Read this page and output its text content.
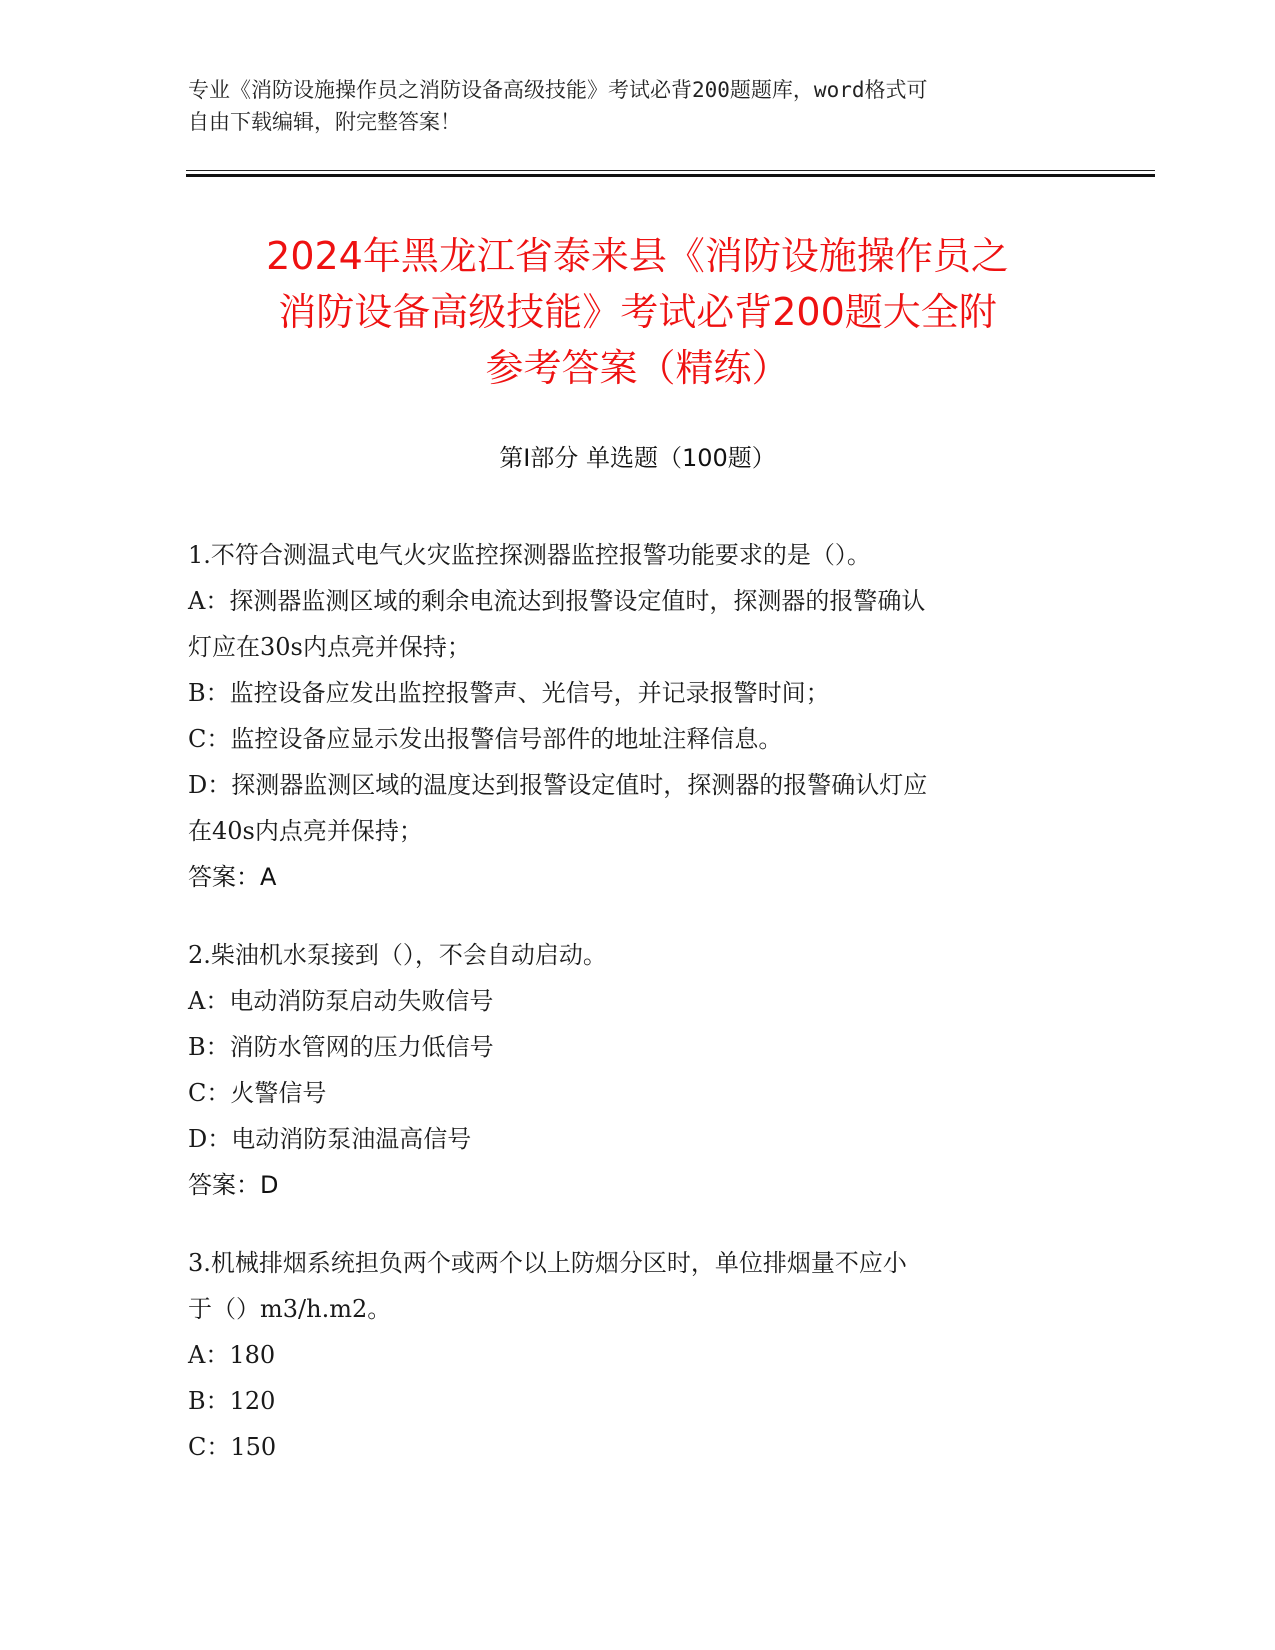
专业《消防设施操作员之消防设备高级技能》考试必背200题题库，word格式可
自由下载编辑，附完整答案！
2024年黑龙江省泰来县《消防设施操作员之
消防设备高级技能》考试必背200题大全附
参考答案（精练）
第Ⅰ部分 单选题（100题）
1.不符合测温式电气火灾监控探测器监控报警功能要求的是（）。
A：探测器监测区域的剩余电流达到报警设定值时，探测器的报警确认
灯应在30s内点亮并保持；
B：监控设备应发出监控报警声、光信号，并记录报警时间；
C：监控设备应显示发出报警信号部件的地址注释信息。
D：探测器监测区域的温度达到报警设定值时，探测器的报警确认灯应
在40s内点亮并保持；
答案：A
2.柴油机水泵接到（），不会自动启动。
A：电动消防泵启动失败信号
B：消防水管网的压力低信号
C：火警信号
D：电动消防泵油温高信号
答案：D
3.机械排烟系统担负两个或两个以上防烟分区时，单位排烟量不应小
于（）m3/h.m2。
A：180
B：120
C：150
